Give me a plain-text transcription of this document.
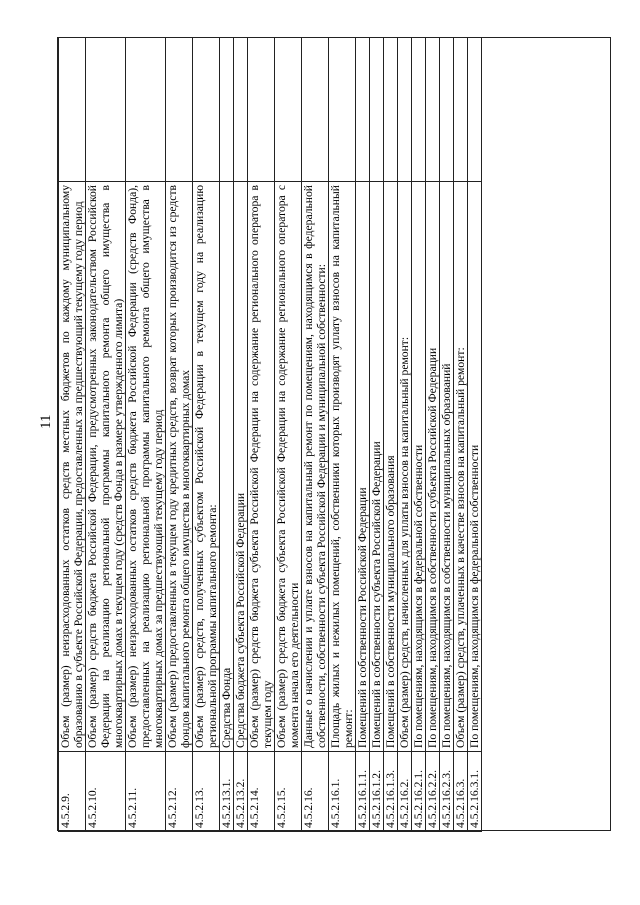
11
4.5.2.9.	Объем (размер) неизрасходованных остатков средств местных бюджетов по каждому муниципальному образованию в субъекте Российской Федерации, предоставленных за предшествующий текущему году период	
4.5.2.10.	Объем (размер) средств бюджета Российской Федерации, предусмотренных законодательством Российской Федерации на реализацию региональной программы капитального ремонта общего имущества в многоквартирных домах в текущем году (средств Фонда в размере утвержденного лимита)	
4.5.2.11.	Объем (размер) неизрасходованных остатков средств бюджета Российской Федерации (средств Фонда), предоставленных на реализацию региональной программы капитального ремонта общего имущества в многоквартирных домах за предшествующий текущему году период	
4.5.2.12.	Объем (размер) предоставленных в текущем году кредитных средств, возврат которых производится из средств фондов капитального ремонта общего имущества в многоквартирных домах	
4.5.2.13.	Объем (размер) средств, полученных субъектом Российской Федерации в текущем году на реализацию региональной программы капитального ремонта:	
4.5.2.13.1.	Средства Фонда	
4.5.2.13.2.	Средства бюджета субъекта Российской Федерации	
4.5.2.14.	Объем (размер) средств бюджета субъекта Российской Федерации на содержание регионального оператора в текущем году	
4.5.2.15.	Объем (размер) средств бюджета субъекта Российской Федерации на содержание регионального оператора с момента начала его деятельности	
4.5.2.16.	Данные о начислении и уплате взносов на капитальный ремонт по помещениям, находящимся в федеральной собственности, собственности субъекта Российской Федерации и муниципальной собственности:	
4.5.2.16.1.	Площадь жилых и нежилых помещений, собственники которых производят уплату взносов на капитальный ремонт:	
4.5.2.16.1.1.	Помещений в собственности Российской Федерации	
4.5.2.16.1.2.	Помещений в собственности субъекта Российской Федерации	
4.5.2.16.1.3.	Помещений в собственности муниципального образования	
4.5.2.16.2.	Объем (размер) средств, начисленных для уплаты взносов на капитальный ремонт:	
4.5.2.16.2.1.	По помещениям, находящимся в федеральной собственности	
4.5.2.16.2.2.	По помещениям, находящимся в собственности субъекта Российской Федерации	
4.5.2.16.2.3.	По помещениям, находящимся в собственности муниципальных образований	
4.5.2.16.3.	Объем (размер) средств, уплаченных в качестве взносов на капитальный ремонт:	
4.5.2.16.3.1.	По помещениям, находящимся в федеральной собственности	
